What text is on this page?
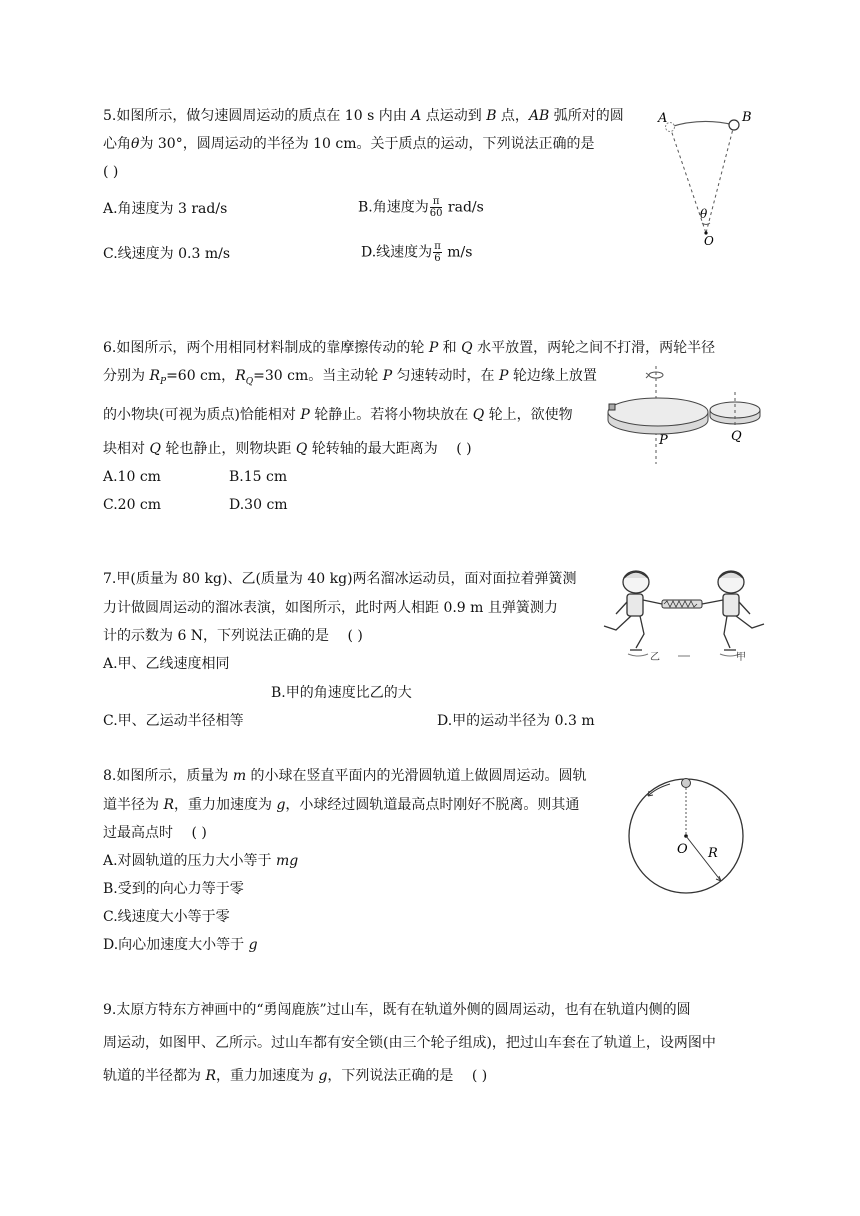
5.如图所示，做匀速圆周运动的质点在 10 s 内由 A 点运动到 B 点，AB 弧所对的圆
心角θ为 30°，圆周运动的半径为 10 cm。关于质点的运动，下列说法正确的是
( )
A.角速度为 3 rad/s	B.角速度为 $\frac{\pi}{60} rad/s$
C.线速度为 0.3 m/s	D.线速度为 $\frac{\pi}{6} m/s$
A	B
θ
O
6.如图所示，两个用相同材料制成的靠摩擦传动的轮 P 和 Q 水平放置，两轮之间不打滑，两轮半径
分别为 $R_P=60$ cm，$R_Q=30$ cm。当主动轮 P 匀速转动时，在 P 轮边缘上放置
的小物块(可视为质点)恰能相对 P 轮静止。若将小物块放在 Q 轮上，欲使物
块相对 Q 轮也静止，则物块距 Q 轮转轴的最大距离为　 ( )
A.10 cm	B.15 cm
C.20 cm	D.30 cm
P	Q
7.甲(质量为 80 kg)、乙(质量为 40 kg)两名溜冰运动员，面对面拉着弹簧测
力计做圆周运动的溜冰表演，如图所示，此时两人相距 0.9 m 且弹簧测力
计的示数为 6 N，下列说法正确的是　 ( )
A.甲、乙线速度相同
B.甲的角速度比乙的大
C.甲、乙运动半径相等	D.甲的运动半径为 0.3 m
乙	甲
8.如图所示，质量为 m 的小球在竖直平面内的光滑圆轨道上做圆周运动。圆轨
道半径为 R，重力加速度为 g，小球经过圆轨道最高点时刚好不脱离。则其通
过最高点时　 ( )
A.对圆轨道的压力大小等于 mg
B.受到的向心力等于零
C.线速度大小等于零
D.向心加速度大小等于 g
O R
9.太原方特东方神画中的“勇闯鹿族”过山车，既有在轨道外侧的圆周运动，也有在轨道内侧的圆
周运动，如图甲、乙所示。过山车都有安全锁(由三个轮子组成)，把过山车套在了轨道上，设两图中
轨道的半径都为 R，重力加速度为 g，下列说法正确的是　 ( )
